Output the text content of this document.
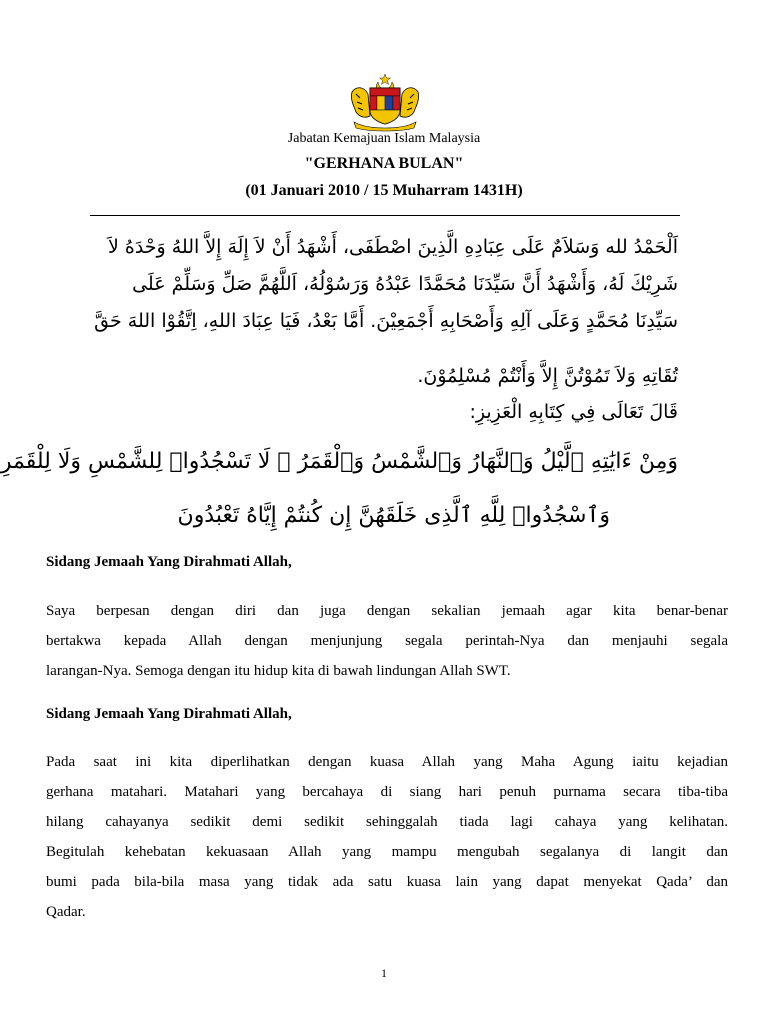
Jabatan Kemajuan Islam Malaysia
"GERHANA BULAN"
(01 Januari 2010 / 15 Muharram 1431H)
اَلْحَمْدُ لله وَسَلاَمٌ عَلَى عِبَادِهِ الَّذِينَ اصْطَفَى، أَشْهَدُ أَنْ لاَ إِلَهَ إِلاَّ اللهُ وَحْدَهُ لاَ
شَرِيْكَ لَهُ، وَأَشْهَدُ أَنَّ سَيِّدَنَا مُحَمَّدًا عَبْدُهُ وَرَسُوْلُهُ، اَللَّهُمَّ صَلِّ وَسَلِّمْ عَلَى
سَيِّدِنَا مُحَمَّدٍ وَعَلَى آلِهِ وَأَصْحَابِهِ أَجْمَعِيْنَ. أَمَّا بَعْدُ، فَيَا عِبَادَ اللهِ، اِتَّقُوْا اللهَ حَقَّ
تُقَاتِهِ وَلاَ تَمُوْتُنَّ إِلاَّ وَأَنْتُمْ مُسْلِمُوْنَ.
قَالَ تَعَالَى فِي كِتَابِهِ الْعَزِيزِ:
وَمِنْ ءَايَٰتِهِ ٱلَّيْلُ وَٱلنَّهَارُ وَٱلشَّمْسُ وَٱلْقَمَرُ ۚ لَا تَسْجُدُوا۟ لِلشَّمْسِ وَلَا لِلْقَمَرِ
وَٱسْجُدُوا۟ لِلَّهِ ٱلَّذِى خَلَقَهُنَّ إِن كُنتُمْ إِيَّاهُ تَعْبُدُونَ
Sidang Jemaah Yang Dirahmati Allah,
Saya berpesan dengan diri dan juga dengan sekalian jemaah agar kita benar-benar
bertakwa kepada Allah dengan menjunjung segala perintah-Nya dan menjauhi segala
larangan-Nya. Semoga dengan itu hidup kita di bawah lindungan Allah SWT.
Sidang Jemaah Yang Dirahmati Allah,
Pada saat ini kita diperlihatkan dengan kuasa Allah yang Maha Agung iaitu kejadian
gerhana matahari. Matahari yang bercahaya di siang hari penuh purnama secara tiba-tiba
hilang cahayanya sedikit demi sedikit sehinggalah tiada lagi cahaya yang kelihatan.
Begitulah kehebatan kekuasaan Allah yang mampu mengubah segalanya di langit dan
bumi pada bila-bila masa yang tidak ada satu kuasa lain yang dapat menyekat Qada’ dan
Qadar.
1
